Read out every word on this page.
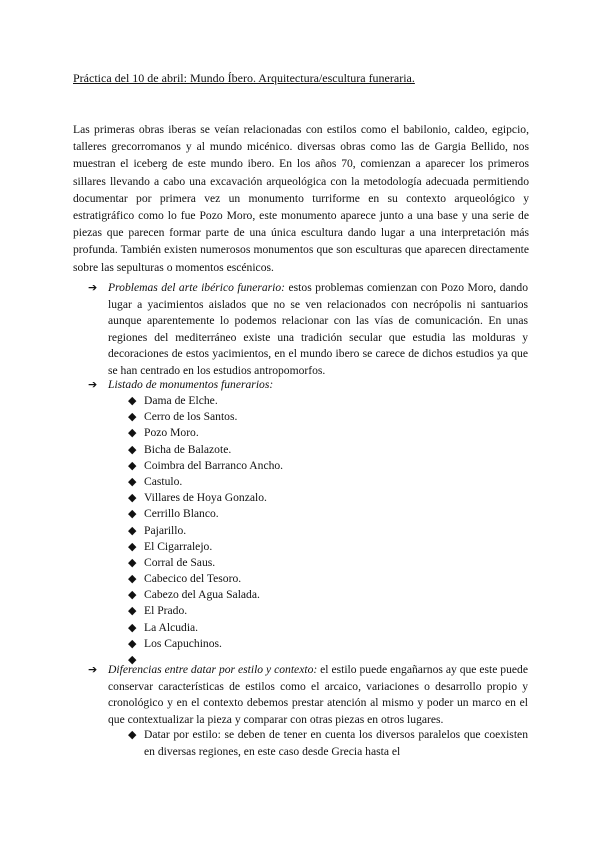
Práctica del 10 de abril: Mundo Íbero. Arquitectura/escultura funeraria.

Las primeras obras iberas se veían relacionadas con estilos como el babilonio, caldeo, egipcio, talleres grecorromanos y al mundo micénico. diversas obras como las de Gargia Bellido, nos muestran el iceberg de este mundo ibero. En los años 70, comienzan a aparecer los primeros sillares llevando a cabo una excavación arqueológica con la metodología adecuada permitiendo documentar por primera vez un monumento turriforme en su contexto arqueológico y estratigráfico como lo fue Pozo Moro, este monumento aparece junto a una base y una serie de piezas que parecen formar parte de una única escultura dando lugar a una interpretación más profunda. También existen numerosos monumentos que son esculturas que aparecen directamente sobre las sepulturas o momentos escénicos.

➔ Problemas del arte ibérico funerario: estos problemas comienzan con Pozo Moro, dando lugar a yacimientos aislados que no se ven relacionados con necrópolis ni santuarios aunque aparentemente lo podemos relacionar con las vías de comunicación. En unas regiones del mediterráneo existe una tradición secular que estudia las molduras y decoraciones de estos yacimientos, en el mundo ibero se carece de dichos estudios ya que se han centrado en los estudios antropomorfos.
➔ Listado de monumentos funerarios:
◆ Dama de Elche.
◆ Cerro de los Santos.
◆ Pozo Moro.
◆ Bicha de Balazote.
◆ Coimbra del Barranco Ancho.
◆ Castulo.
◆ Villares de Hoya Gonzalo.
◆ Cerrillo Blanco.
◆ Pajarillo.
◆ El Cigarralejo.
◆ Corral de Saus.
◆ Cabecico del Tesoro.
◆ Cabezo del Agua Salada.
◆ El Prado.
◆ La Alcudia.
◆ Los Capuchinos.
◆
➔ Diferencias entre datar por estilo y contexto: el estilo puede engañarnos ay que este puede conservar características de estilos como el arcaico, variaciones o desarrollo propio y cronológico y en el contexto debemos prestar atención al mismo y poder un marco en el que contextualizar la pieza y comparar con otras piezas en otros lugares.
◆ Datar por estilo: se deben de tener en cuenta los diversos paralelos que coexisten en diversas regiones, en este caso desde Grecia hasta el
